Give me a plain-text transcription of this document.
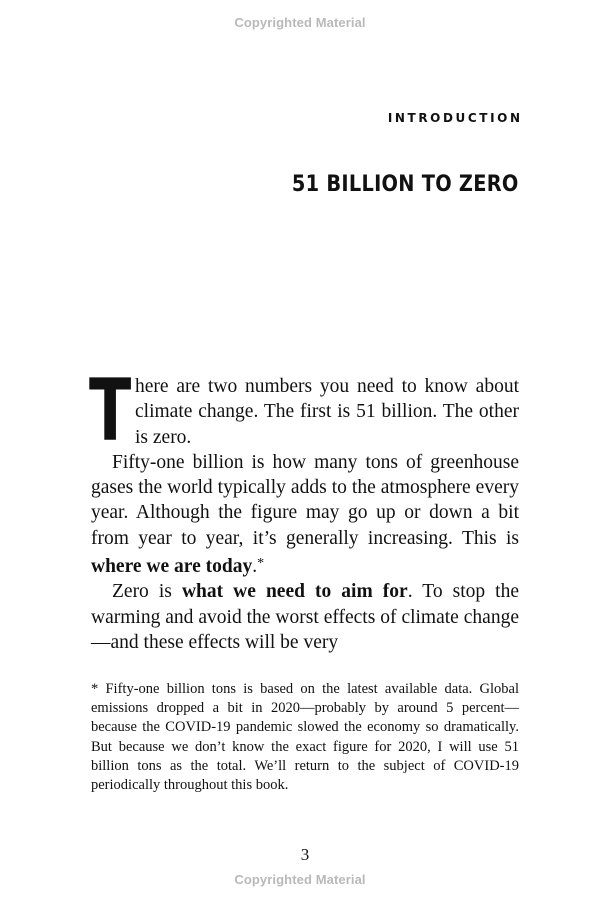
Copyrighted Material
INTRODUCTION
51 BILLION TO ZERO

There are two numbers you need to know about climate change. The first is 51 billion. The other is zero.

Fifty-one billion is how many tons of greenhouse gases the world typically adds to the atmosphere every year. Although the figure may go up or down a bit from year to year, it’s generally increasing. This is where we are today.*

Zero is what we need to aim for. To stop the warming and avoid the worst effects of climate change—and these effects will be very

* Fifty-one billion tons is based on the latest available data. Global emissions dropped a bit in 2020—probably by around 5 percent—because the COVID-19 pandemic slowed the economy so dramatically. But because we don’t know the exact figure for 2020, I will use 51 billion tons as the total. We’ll return to the subject of COVID-19 periodically throughout this book.
3
Copyrighted Material
